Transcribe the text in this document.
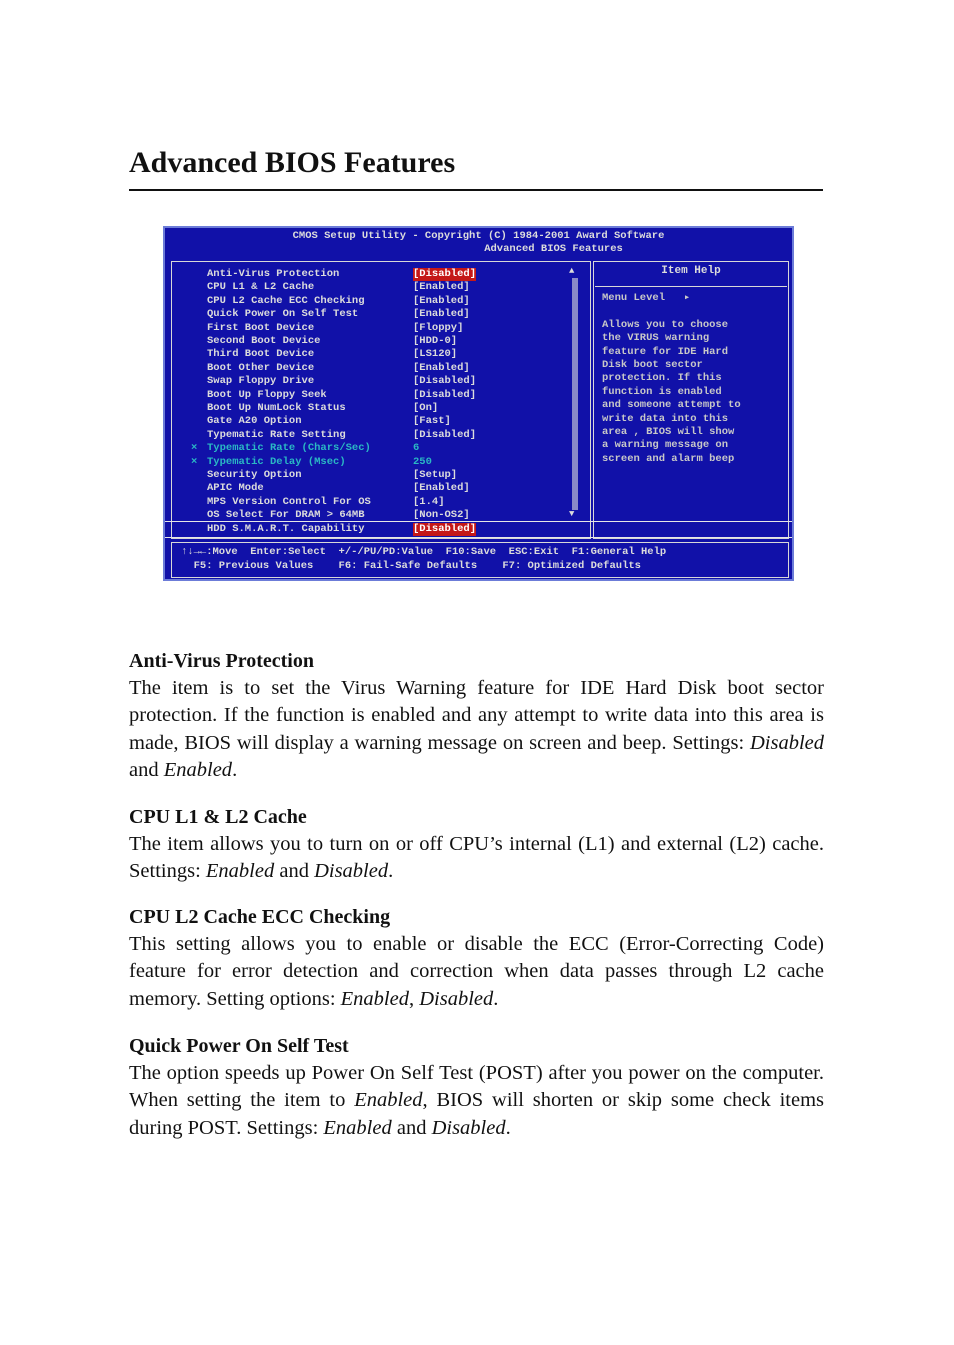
Advanced BIOS Features
CMOS Setup Utility - Copyright (C) 1984-2001 Award Software
Advanced BIOS Features
Item Help
Menu Level   ▸

Allows you to choose
the VIRUS warning
feature for IDE Hard
Disk boot sector
protection. If this
function is enabled
and someone attempt to
write data into this
area , BIOS will show
a warning message on
screen and alarm beep
Anti-Virus Protection	[Disabled]
CPU L1 & L2 Cache	[Enabled]
CPU L2 Cache ECC Checking	[Enabled]
Quick Power On Self Test	[Enabled]
First Boot Device	[Floppy]
Second Boot Device	[HDD-0]
Third Boot Device	[LS120]
Boot Other Device	[Enabled]
Swap Floppy Drive	[Disabled]
Boot Up Floppy Seek	[Disabled]
Boot Up NumLock Status	[On]
Gate A20 Option	[Fast]
Typematic Rate Setting	[Disabled]
× Typematic Rate (Chars/Sec)	6
× Typematic Delay (Msec)	250
Security Option	[Setup]
APIC Mode	[Enabled]
MPS Version Control For OS	[1.4]
OS Select For DRAM > 64MB	[Non-OS2]
HDD S.M.A.R.T. Capability	[Disabled]
▲
▼
↑↓→←:Move  Enter:Select  +/-/PU/PD:Value  F10:Save  ESC:Exit  F1:General Help
F5: Previous Values    F6: Fail-Safe Defaults    F7: Optimized Defaults
Anti-Virus Protection

The item is to set the Virus Warning feature for IDE Hard Disk boot sector protection. If the function is enabled and any attempt to write data into this area is made, BIOS will display a warning message on screen and beep. Settings: Disabled and Enabled.

CPU L1 & L2 Cache

The item allows you to turn on or off CPU’s internal (L1) and external (L2) cache. Settings: Enabled and Disabled.

CPU L2 Cache ECC Checking

This setting allows you to enable or disable the ECC (Error-Correcting Code) feature for error detection and correction when data passes through L2 cache memory. Setting options: Enabled, Disabled.

Quick Power On Self Test

The option speeds up Power On Self Test (POST) after you power on the computer. When setting the item to Enabled, BIOS will shorten or skip some check items during POST. Settings: Enabled and Disabled.
